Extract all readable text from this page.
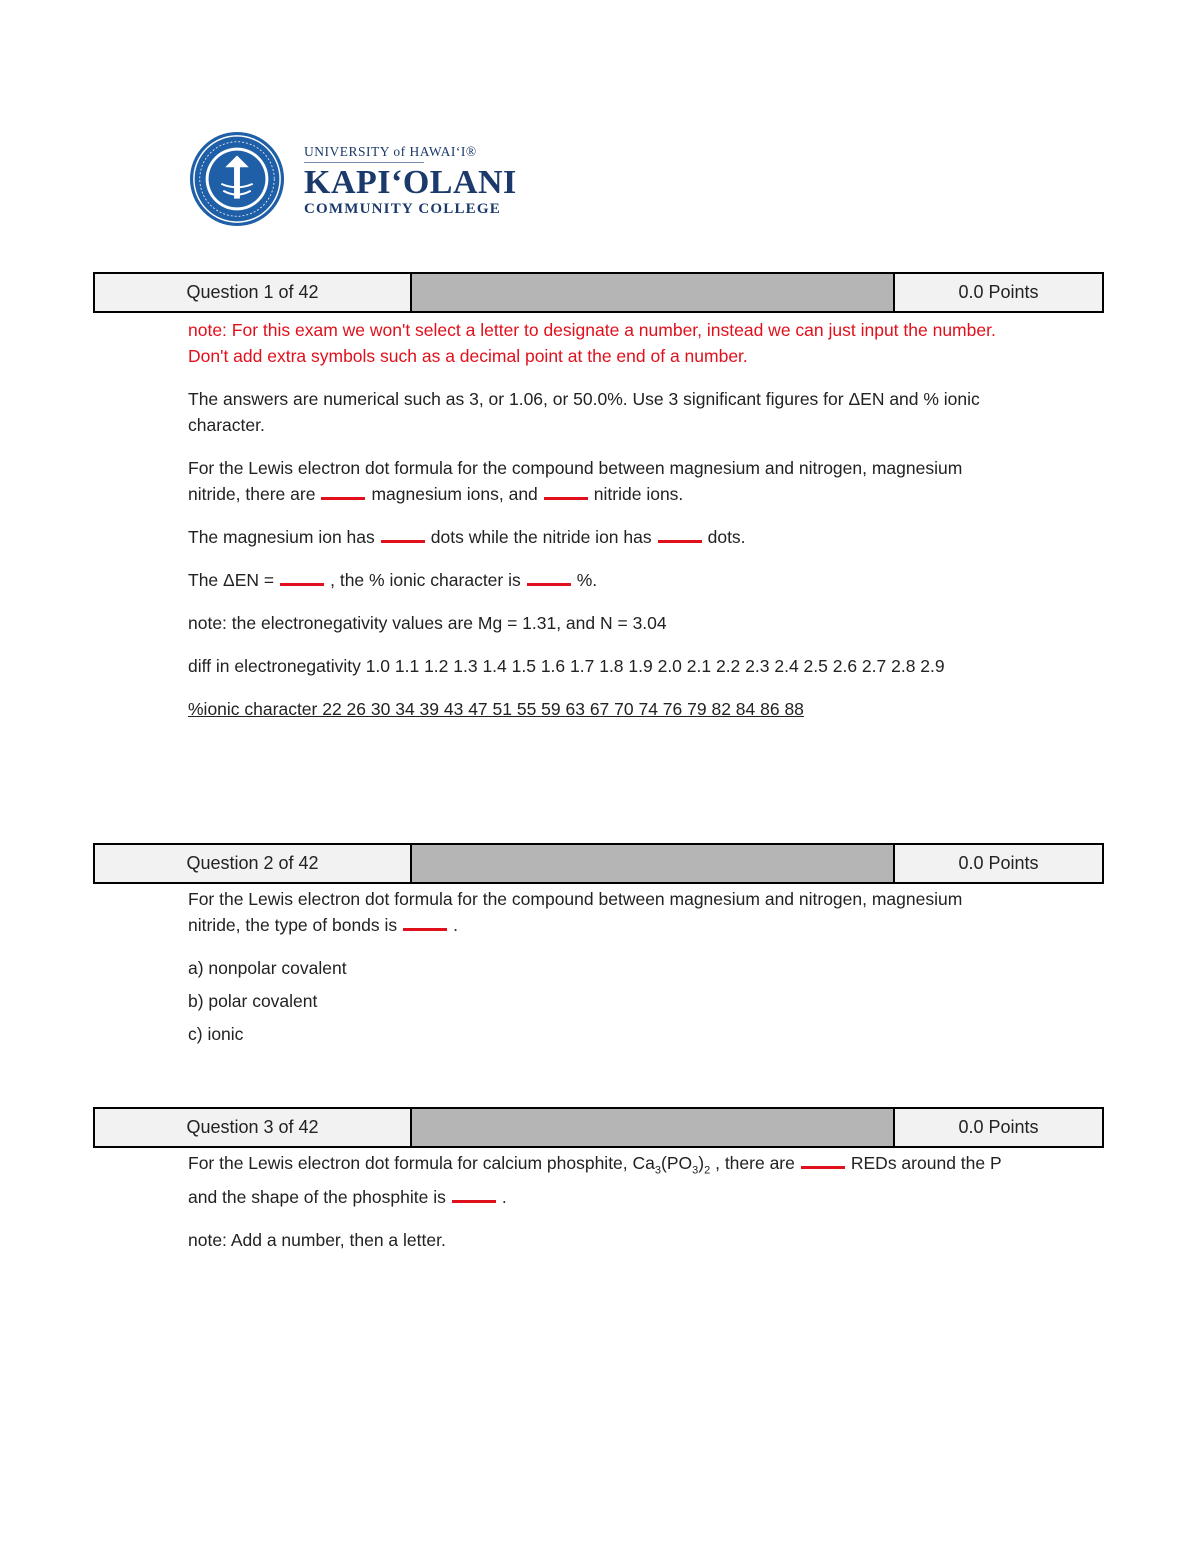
UNIVERSITY of HAWAI‘I®
KAPI‘OLANI
COMMUNITY COLLEGE
Question 1 of 42	0.0 Points

note: For this exam we won't select a letter to designate a number, instead we can just input the number. Don't add extra symbols such as a decimal point at the end of a number.

The answers are numerical such as 3, or 1.06, or 50.0%. Use 3 significant figures for ΔEN and % ionic character.

For the Lewis electron dot formula for the compound between magnesium and nitrogen, magnesium nitride, there are	magnesium ions, and	nitride ions.

The magnesium ion has	dots while the nitride ion has	dots.

The ΔEN =	, the % ionic character is	%.

note: the electronegativity values are Mg = 1.31, and N = 3.04

diff in electronegativity 1.0 1.1 1.2 1.3 1.4 1.5 1.6 1.7 1.8 1.9 2.0 2.1 2.2 2.3 2.4 2.5 2.6 2.7 2.8 2.9

%ionic character 22 26 30 34 39 43 47 51 55 59 63 67 70 74 76 79 82 84 86 88

Question 2 of 42	0.0 Points

For the Lewis electron dot formula for the compound between magnesium and nitrogen, magnesium nitride, the type of bonds is	.

a) nonpolar covalent

b) polar covalent

c) ionic

Question 3 of 42	0.0 Points

For the Lewis electron dot formula for calcium phosphite, $Ca_3(PO_3)_2$ , there are	REDs around the P and the shape of the phosphite is	.

note: Add a number, then a letter.
